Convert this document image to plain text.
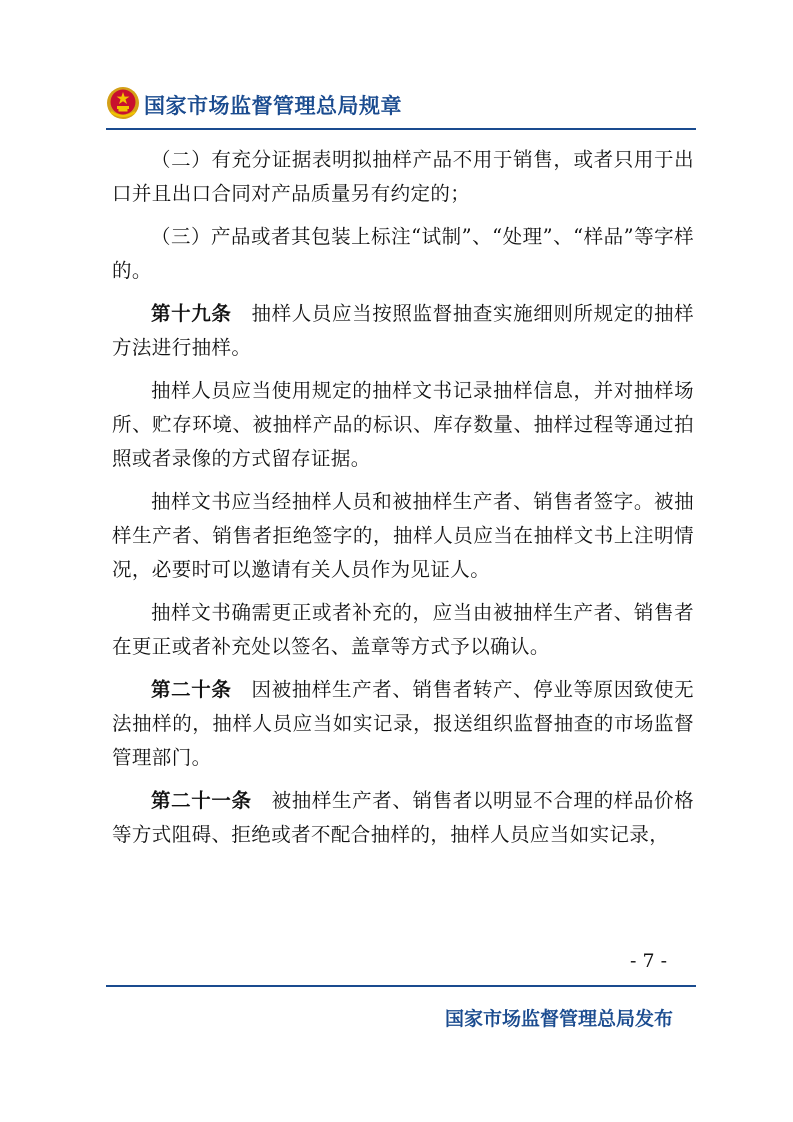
国家市场监督管理总局规章

（二）有充分证据表明拟抽样产品不用于销售，或者只用于出口并且出口合同对产品质量另有约定的；

（三）产品或者其包装上标注“试制”、“处理”、“样品”等字样的。

第十九条 抽样人员应当按照监督抽查实施细则所规定的抽样方法进行抽样。

抽样人员应当使用规定的抽样文书记录抽样信息，并对抽样场所、贮存环境、被抽样产品的标识、库存数量、抽样过程等通过拍照或者录像的方式留存证据。

抽样文书应当经抽样人员和被抽样生产者、销售者签字。被抽样生产者、销售者拒绝签字的，抽样人员应当在抽样文书上注明情况，必要时可以邀请有关人员作为见证人。

抽样文书确需更正或者补充的，应当由被抽样生产者、销售者在更正或者补充处以签名、盖章等方式予以确认。

第二十条 因被抽样生产者、销售者转产、停业等原因致使无法抽样的，抽样人员应当如实记录，报送组织监督抽查的市场监督管理部门。

第二十一条 被抽样生产者、销售者以明显不合理的样品价格等方式阻碍、拒绝或者不配合抽样的，抽样人员应当如实记录，

- 7 -
国家市场监督管理总局发布
